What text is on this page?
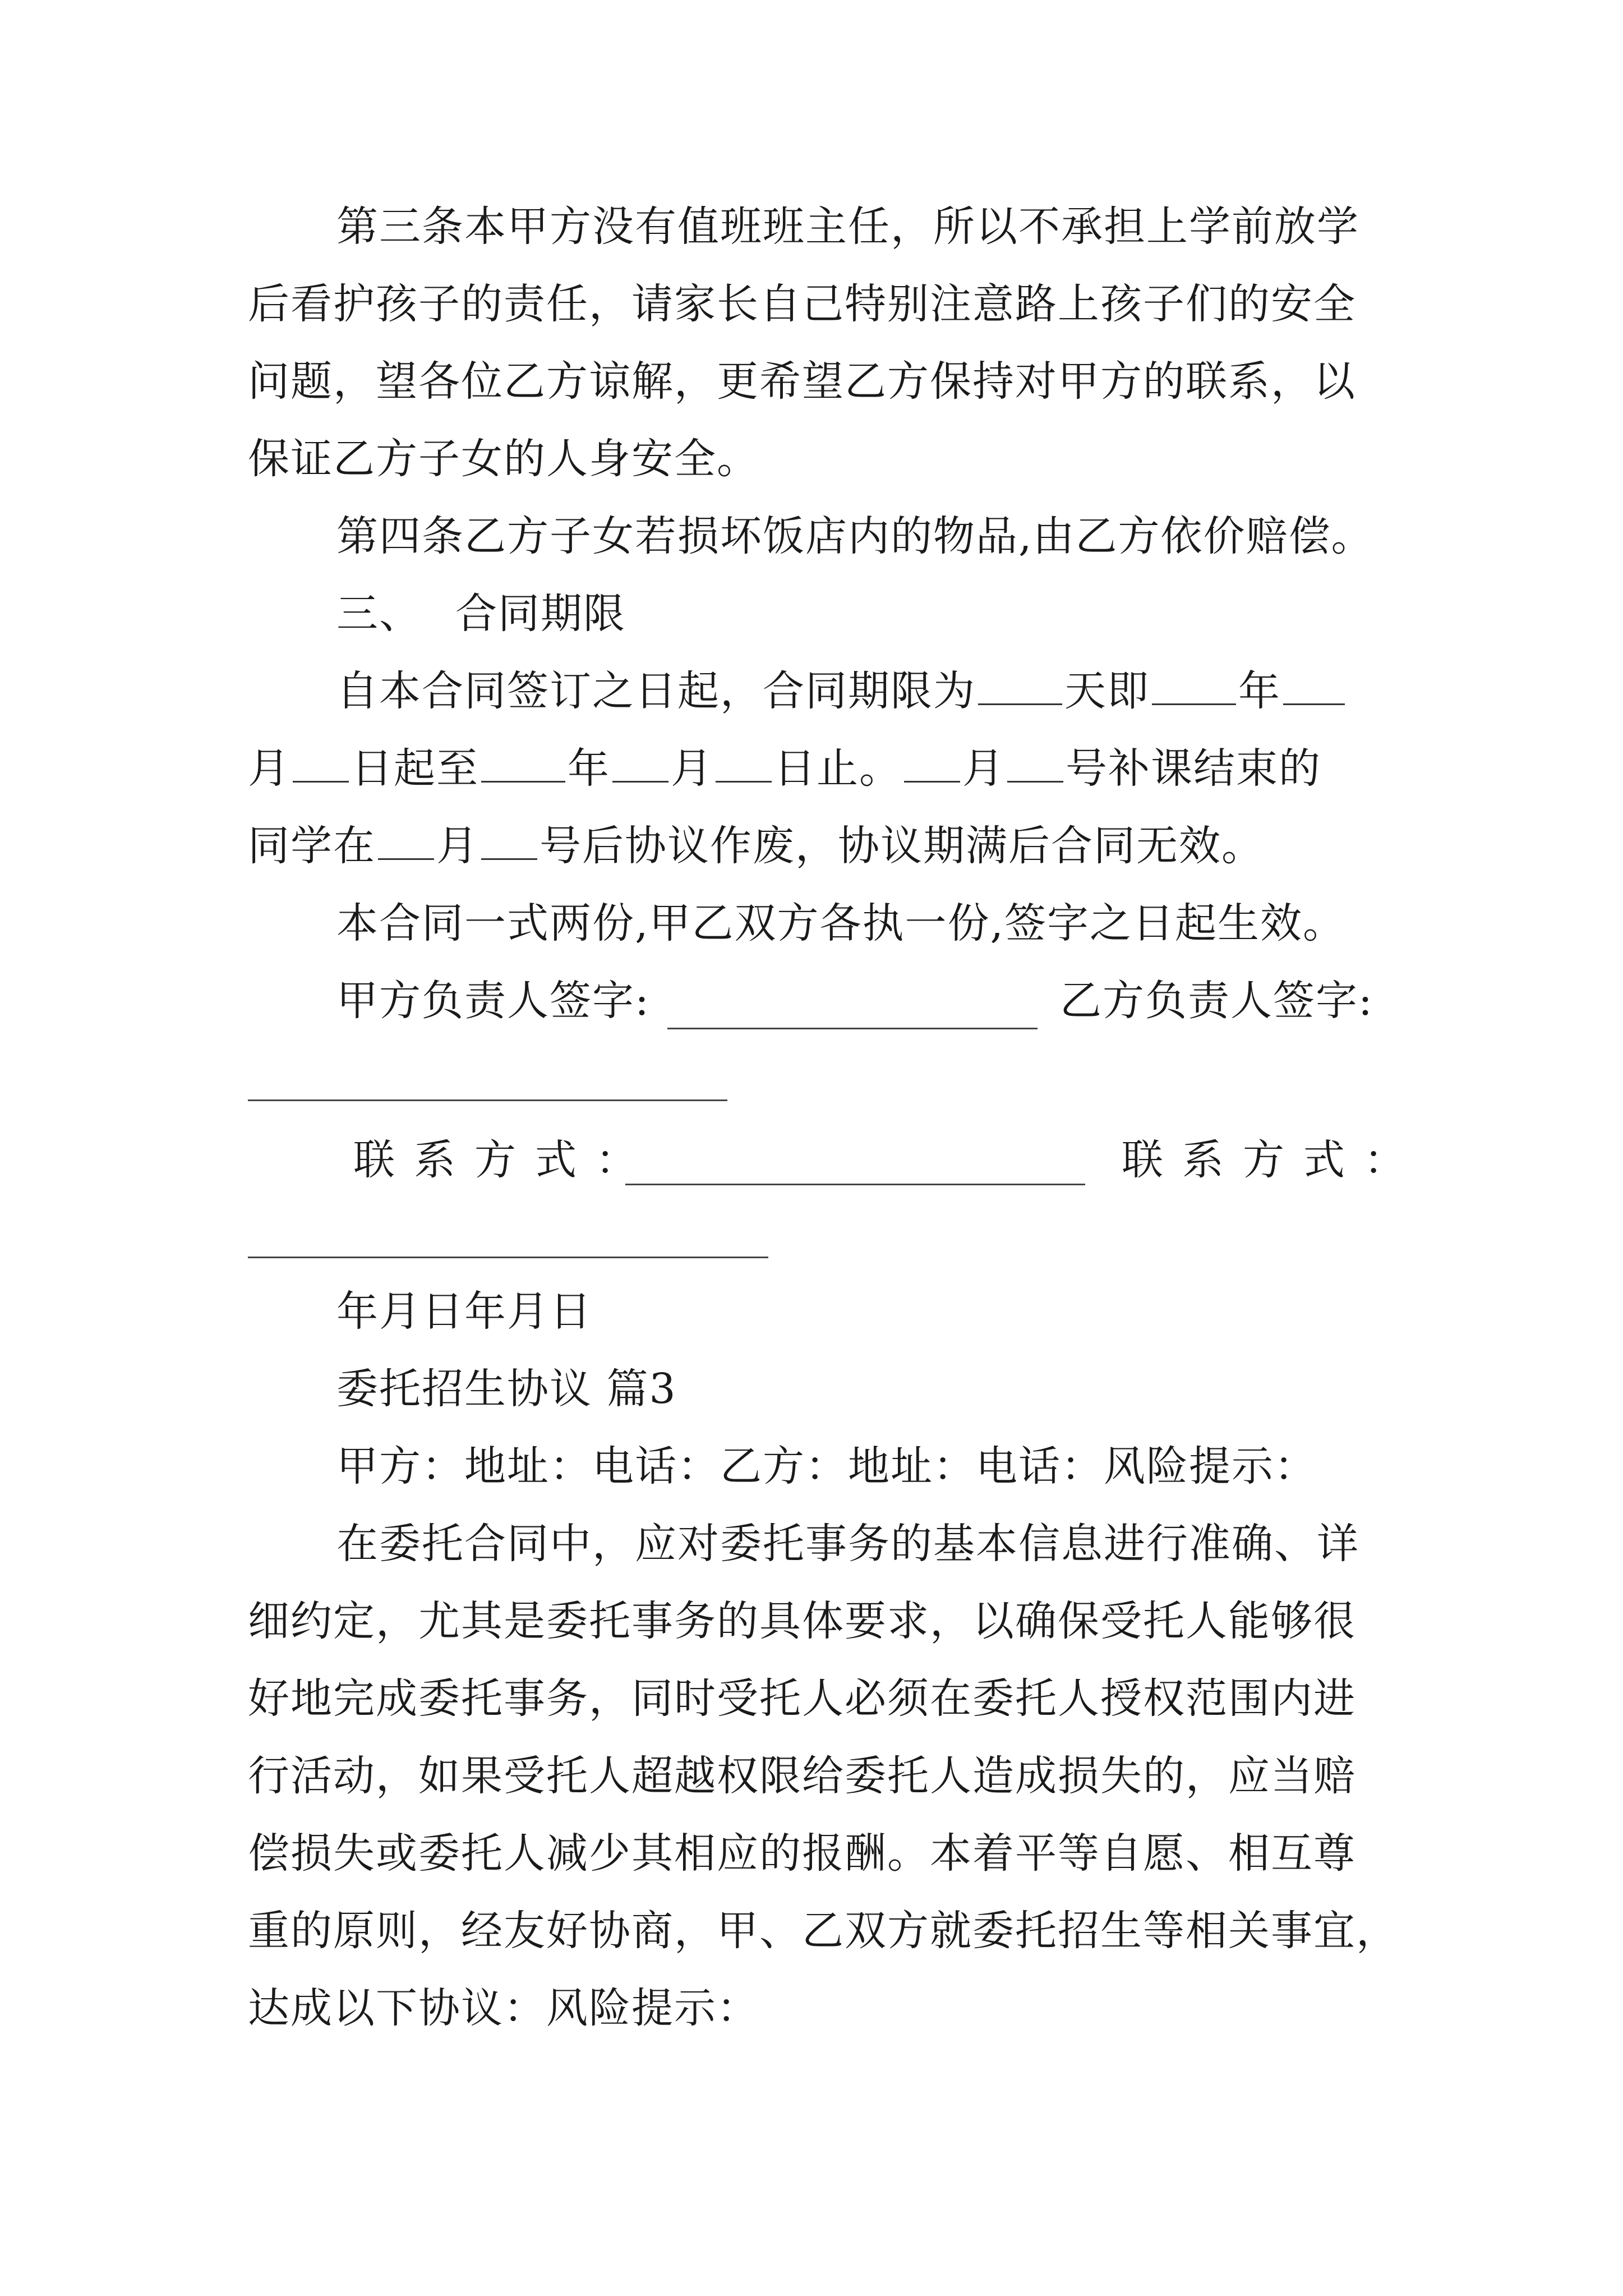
第三条本甲方没有值班班主任，所以不承担上学前放学
后看护孩子的责任，请家长自己特别注意路上孩子们的安全
问题，望各位乙方谅解，更希望乙方保持对甲方的联系，以
保证乙方子女的人身安全。
第四条乙方子女若损坏饭店内的物品,由乙方依价赔偿。
三、 合同期限
自本合同签订之日起，合同期限为 天即 年
月 日起至 年 月 日止。 月 号补课结束的
同学在 月 号后协议作废，协议期满后合同无效。
本合同一式两份,甲乙双方各执一份,签字之日起生效。
甲方负责人签字:	乙方负责人签字:
联系方式：	联系方式：
年月日年月日
委托招生协议 篇3
甲方：地址：电话：乙方：地址：电话：风险提示：
在委托合同中，应对委托事务的基本信息进行准确、详
细约定，尤其是委托事务的具体要求，以确保受托人能够很
好地完成委托事务，同时受托人必须在委托人授权范围内进
行活动，如果受托人超越权限给委托人造成损失的，应当赔
偿损失或委托人减少其相应的报酬。本着平等自愿、相互尊
重的原则，经友好协商，甲、乙双方就委托招生等相关事宜，
达成以下协议：风险提示：
